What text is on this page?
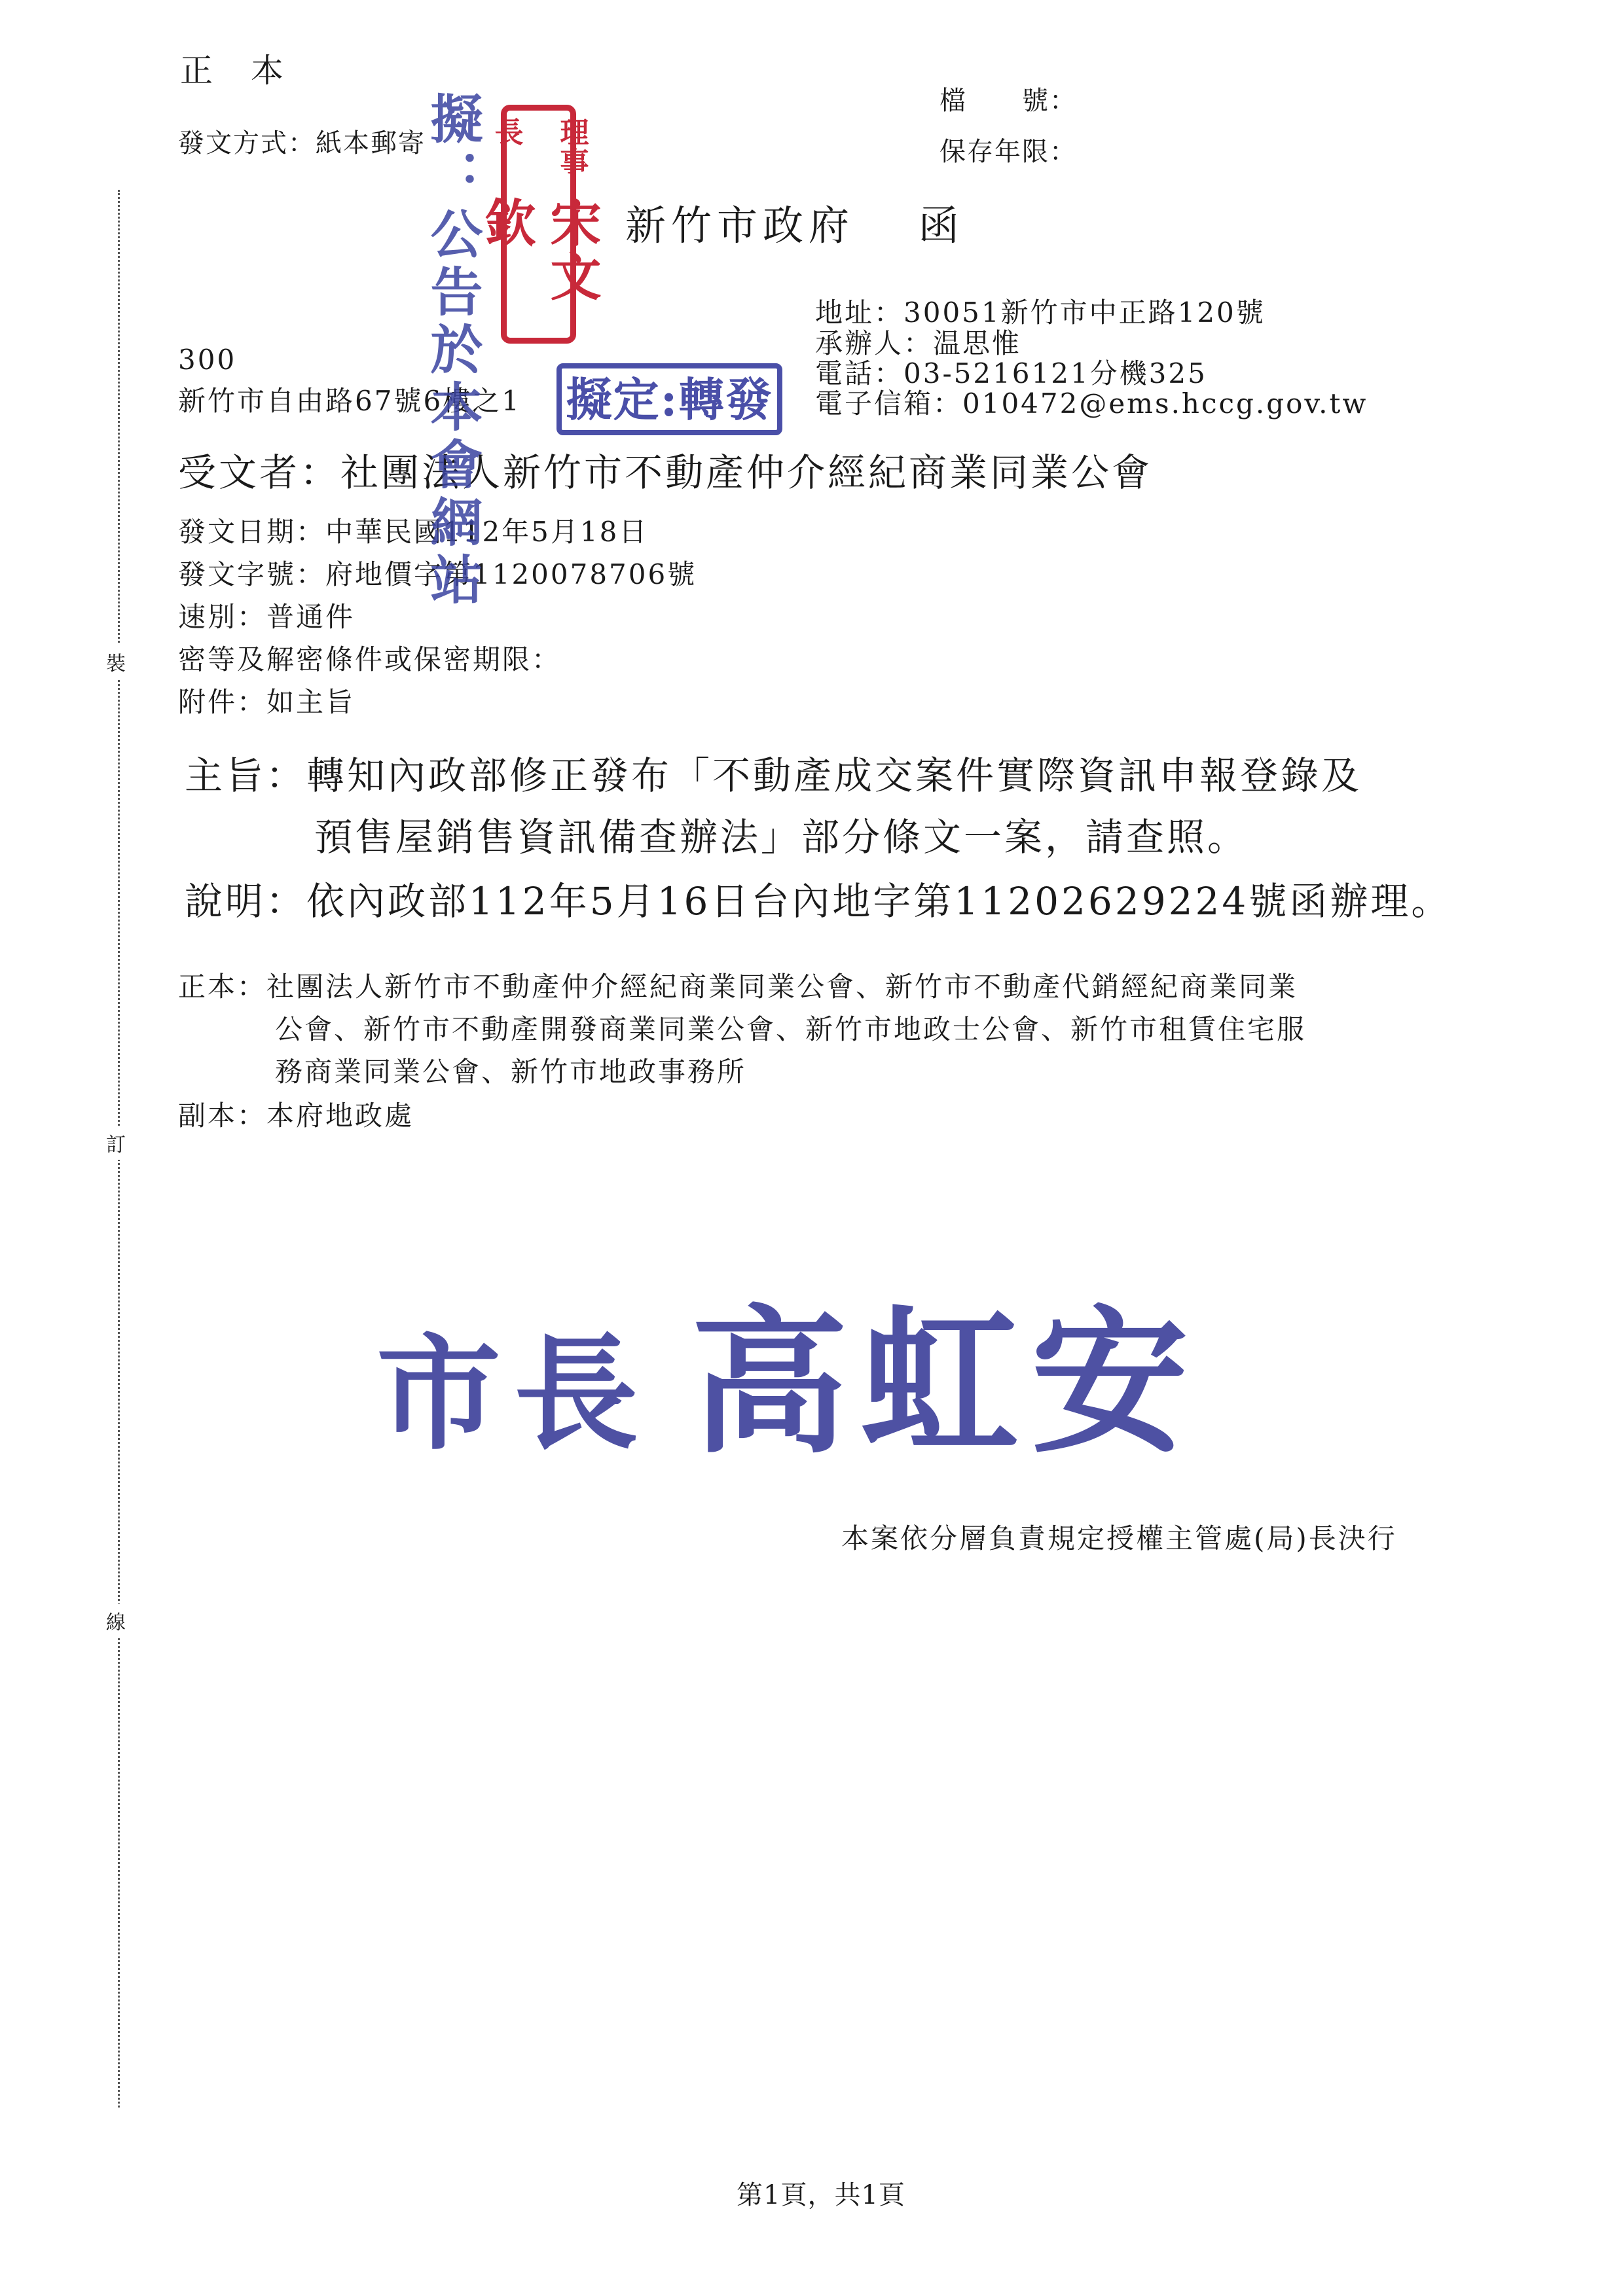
裝
訂
線
正　本
發文方式：紙本郵寄
檔　　號：
保存年限：
新竹市政府　 函
地址：30051新竹市中正路120號
承辦人：温思惟
電話：03-5216121分機325
電子信箱：010472@ems.hccg.gov.tw
300
新竹市自由路67號6樓之1
受文者：社團法人新竹市不動產仲介經紀商業同業公會
發文日期：中華民國112年5月18日
發文字號：府地價字第1120078706號
速別：普通件
密等及解密條件或保密期限：
附件：如主旨
主旨：轉知內政部修正發布「不動產成交案件實際資訊申報登錄及
預售屋銷售資訊備查辦法」部分條文一案，請查照。
說明：依內政部112年5月16日台內地字第11202629224號函辦理。
正本：社團法人新竹市不動產仲介經紀商業同業公會、新竹市不動產代銷經紀商業同業
公會、新竹市不動產開發商業同業公會、新竹市地政士公會、新竹市租賃住宅服
務商業同業公會、新竹市地政事務所
副本：本府地政處
擬：公告於本會網站	理事長
宋文欽
擬定:轉發
市長 高虹安
本案依分層負責規定授權主管處(局)長決行
第1頁，共1頁
